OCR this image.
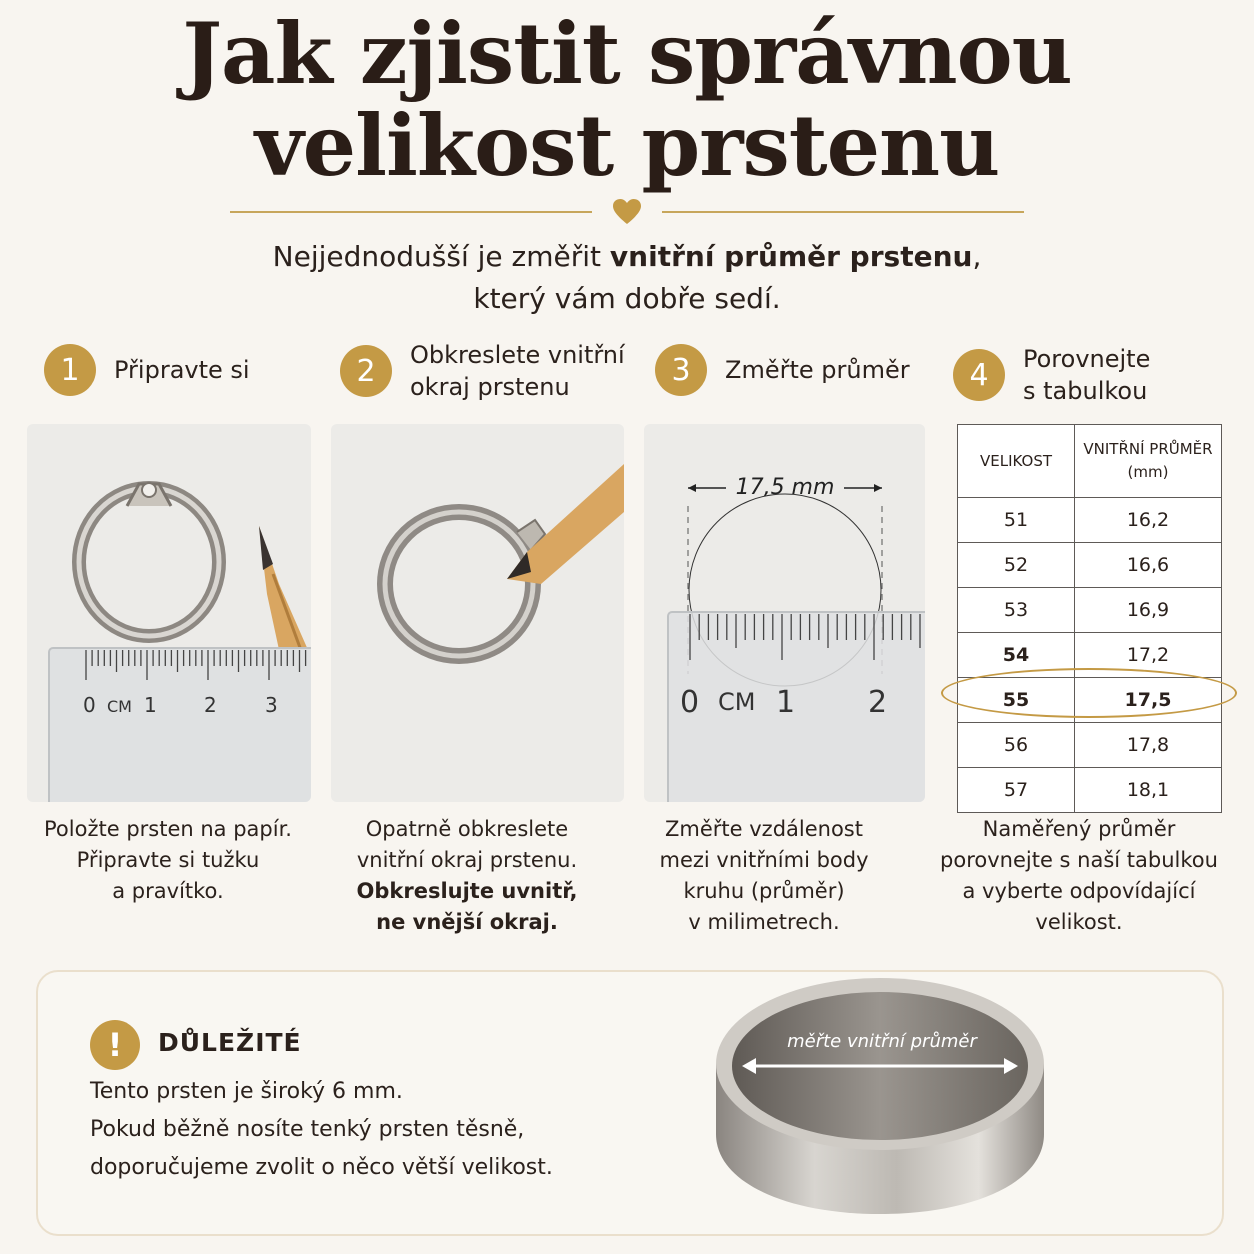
Jak zjistit správnou
velikost prstenu
Nejjednodušší je změřit vnitřní průměr prstenu,
který vám dobře sedí.
1	Připravte si	2	Obkreslete vnitřní
okraj prstenu	3	Změřte průměr	4	Porovnejte
s tabulkou
0 CM 1 2 3
17,5 mm
0 CM 1 2
VELIKOST	VNITŘNÍ PRŮMĚR
(mm)

51	16,2
52	16,6
53	16,9
54	17,2
55	17,5
56	17,8
57	18,1
Položte prsten na papír.
Připravte si tužku
a pravítko.
Opatrně obkreslete
vnitřní okraj prstenu.
Obkreslujte uvnitř,
ne vnější okraj.
Změřte vzdálenost
mezi vnitřními body
kruhu (průměr)
v milimetrech.
Naměřený průměr
porovnejte s naší tabulkou
a vyberte odpovídající
velikost.
!	DŮLEŽITÉ
Tento prsten je široký 6 mm.
Pokud běžně nosíte tenký prsten těsně,
doporučujeme zvolit o něco větší velikost.
měřte vnitřní průměr
